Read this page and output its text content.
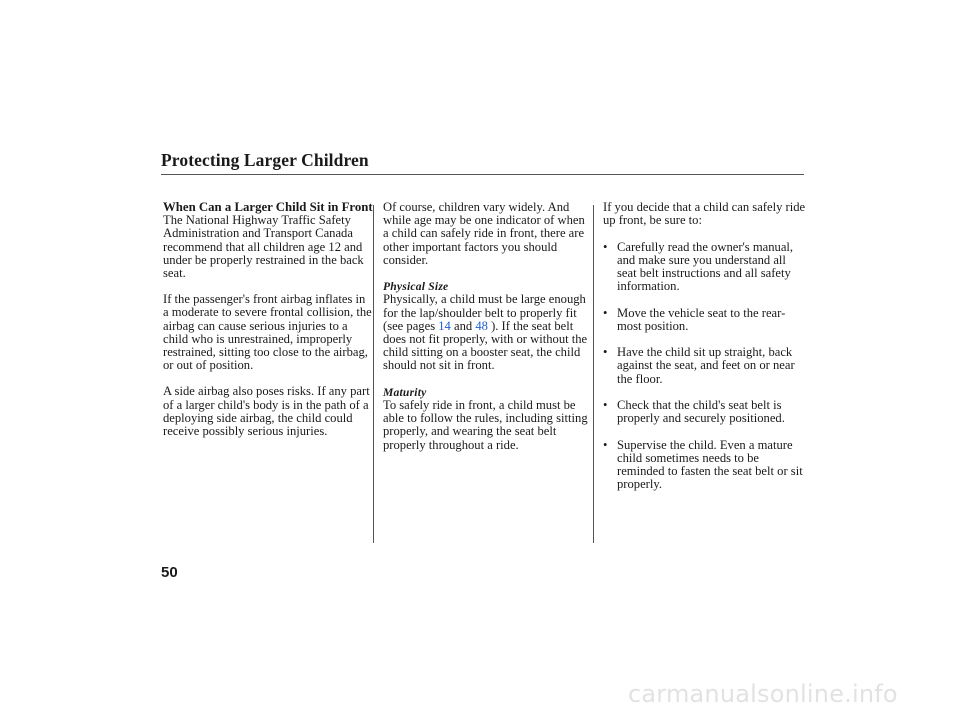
Protecting Larger Children
When Can a Larger Child Sit in Front

The National Highway Traffic Safety Administration and Transport Canada recommend that all children age 12 and under be properly restrained in the back seat.

If the passenger's front airbag inflates in a moderate to severe frontal collision, the airbag can cause serious injuries to a child who is unrestrained, improperly restrained, sitting too close to the airbag, or out of position.

A side airbag also poses risks. If any part of a larger child's body is in the path of a deploying side airbag, the child could receive possibly serious injuries.

Of course, children vary widely. And while age may be one indicator of when a child can safely ride in front, there are other important factors you should consider.

Physical Size

Physically, a child must be large enough for the lap/shoulder belt to properly fit (see pages 14 and 48 ). If the seat belt does not fit properly, with or without the child sitting on a booster seat, the child should not sit in front.

Maturity

To safely ride in front, a child must be able to follow the rules, including sitting properly, and wearing the seat belt properly throughout a ride.

If you decide that a child can safely ride up front, be sure to:

• Carefully read the owner's manual, and make sure you understand all seat belt instructions and all safety information.
• Move the vehicle seat to the rear-most position.
• Have the child sit up straight, back against the seat, and feet on or near the floor.
• Check that the child's seat belt is properly and securely positioned.
• Supervise the child. Even a mature child sometimes needs to be reminded to fasten the seat belt or sit properly.
50
carmanualsonline.info
